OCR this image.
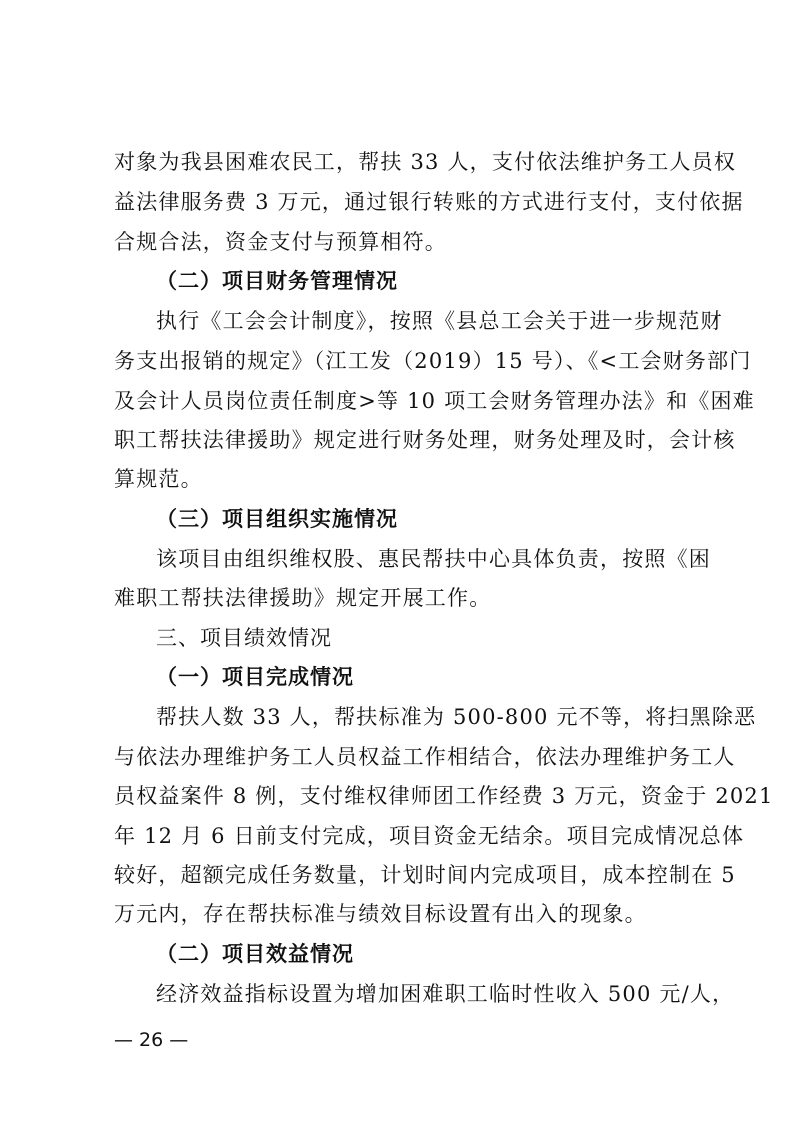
对象为我县困难农民工，帮扶 33 人，支付依法维护务工人员权
益法律服务费 3 万元，通过银行转账的方式进行支付，支付依据
合规合法，资金支付与预算相符。
（二）项目财务管理情况
执行《工会会计制度》，按照《县总工会关于进一步规范财
务支出报销的规定》（江工发（2019）15 号）、《<工会财务部门
及会计人员岗位责任制度>等 10 项工会财务管理办法》和《困难
职工帮扶法律援助》规定进行财务处理，财务处理及时，会计核
算规范。
（三）项目组织实施情况
该项目由组织维权股、惠民帮扶中心具体负责，按照《困
难职工帮扶法律援助》规定开展工作。
三、项目绩效情况
（一）项目完成情况
帮扶人数 33 人，帮扶标准为 500-800 元不等，将扫黑除恶
与依法办理维护务工人员权益工作相结合，依法办理维护务工人
员权益案件 8 例，支付维权律师团工作经费 3 万元，资金于 2021
年 12 月 6 日前支付完成，项目资金无结余。项目完成情况总体
较好，超额完成任务数量，计划时间内完成项目，成本控制在 5
万元内，存在帮扶标准与绩效目标设置有出入的现象。
（二）项目效益情况
经济效益指标设置为增加困难职工临时性收入 500 元/人，
— 26 —
